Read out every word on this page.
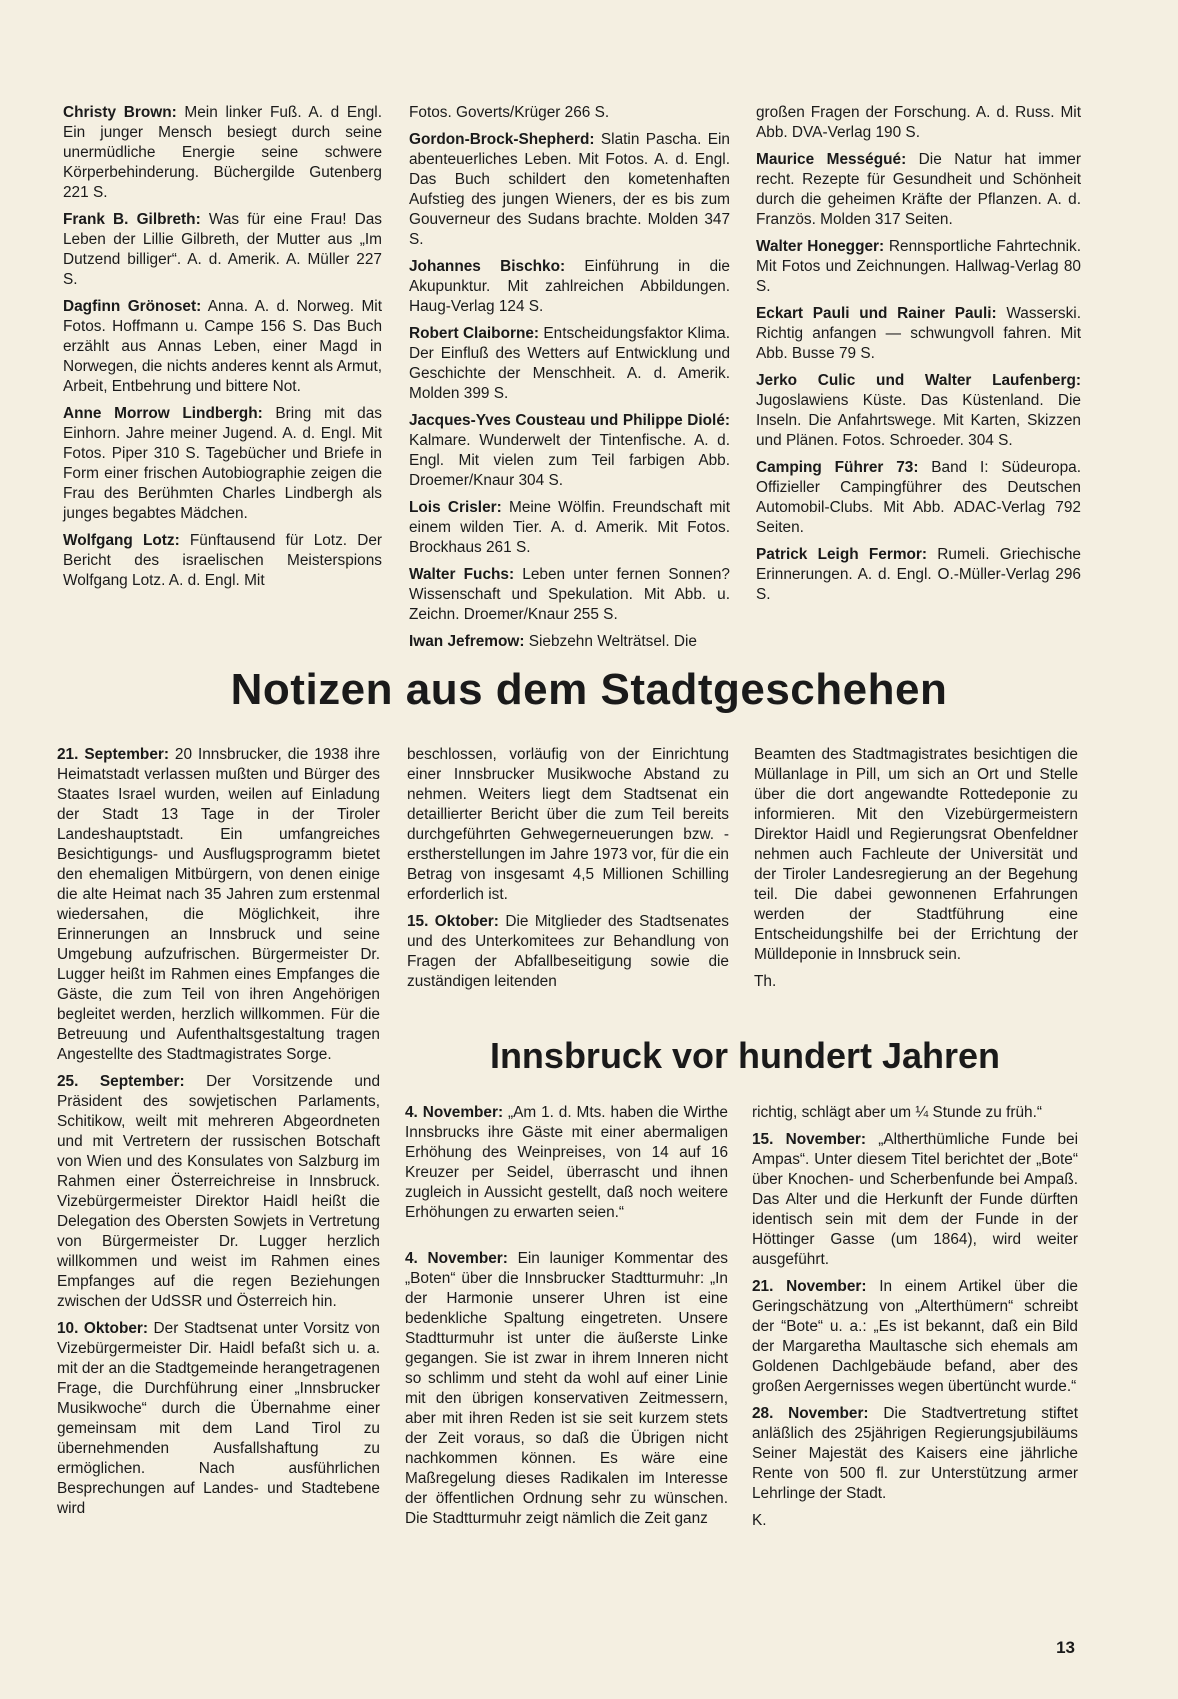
Christy Brown: Mein linker Fuß. A. d Engl. Ein junger Mensch besiegt durch seine unermüdliche Energie seine schwere Körperbehinderung. Büchergilde Gutenberg 221 S.

Frank B. Gilbreth: Was für eine Frau! Das Leben der Lillie Gilbreth, der Mutter aus „Im Dutzend billiger“. A. d. Amerik. A. Müller 227 S.

Dagfinn Grönoset: Anna. A. d. Norweg. Mit Fotos. Hoffmann u. Campe 156 S. Das Buch erzählt aus Annas Leben, einer Magd in Norwegen, die nichts anderes kennt als Armut, Arbeit, Entbehrung und bittere Not.

Anne Morrow Lindbergh: Bring mit das Einhorn. Jahre meiner Jugend. A. d. Engl. Mit Fotos. Piper 310 S. Tagebücher und Briefe in Form einer frischen Autobiographie zeigen die Frau des Berühmten Charles Lindbergh als junges begabtes Mädchen.

Wolfgang Lotz: Fünftausend für Lotz. Der Bericht des israelischen Meisterspions Wolfgang Lotz. A. d. Engl. Mit

Fotos. Goverts/Krüger 266 S.

Gordon-Brock-Shepherd: Slatin Pascha. Ein abenteuerliches Leben. Mit Fotos. A. d. Engl. Das Buch schildert den kometenhaften Aufstieg des jungen Wieners, der es bis zum Gouverneur des Sudans brachte. Molden 347 S.

Johannes Bischko: Einführung in die Akupunktur. Mit zahlreichen Abbildungen. Haug-Verlag 124 S.

Robert Claiborne: Entscheidungsfaktor Klima. Der Einfluß des Wetters auf Entwicklung und Geschichte der Menschheit. A. d. Amerik. Molden 399 S.

Jacques-Yves Cousteau und Philippe Diolé: Kalmare. Wunderwelt der Tintenfische. A. d. Engl. Mit vielen zum Teil farbigen Abb. Droemer/Knaur 304 S.

Lois Crisler: Meine Wölfin. Freundschaft mit einem wilden Tier. A. d. Amerik. Mit Fotos. Brockhaus 261 S.

Walter Fuchs: Leben unter fernen Sonnen? Wissenschaft und Spekulation. Mit Abb. u. Zeichn. Droemer/Knaur 255 S.

Iwan Jefremow: Siebzehn Welträtsel. Die

großen Fragen der Forschung. A. d. Russ. Mit Abb. DVA-Verlag 190 S.

Maurice Mességué: Die Natur hat immer recht. Rezepte für Gesundheit und Schönheit durch die geheimen Kräfte der Pflanzen. A. d. Französ. Molden 317 Seiten.

Walter Honegger: Rennsportliche Fahrtechnik. Mit Fotos und Zeichnungen. Hallwag-Verlag 80 S.

Eckart Pauli und Rainer Pauli: Wasserski. Richtig anfangen — schwungvoll fahren. Mit Abb. Busse 79 S.

Jerko Culic und Walter Laufenberg: Jugoslawiens Küste. Das Küstenland. Die Inseln. Die Anfahrtswege. Mit Karten, Skizzen und Plänen. Fotos. Schroeder. 304 S.

Camping Führer 73: Band I: Südeuropa. Offizieller Campingführer des Deutschen Automobil-Clubs. Mit Abb. ADAC-Verlag 792 Seiten.

Patrick Leigh Fermor: Rumeli. Griechische Erinnerungen. A. d. Engl. O.-Müller-Verlag 296 S.

Notizen aus dem Stadtgeschehen

21. September: 20 Innsbrucker, die 1938 ihre Heimatstadt verlassen mußten und Bürger des Staates Israel wurden, weilen auf Einladung der Stadt 13 Tage in der Tiroler Landeshauptstadt. Ein umfangreiches Besichtigungs- und Ausflugsprogramm bietet den ehemaligen Mitbürgern, von denen einige die alte Heimat nach 35 Jahren zum erstenmal wiedersahen, die Möglichkeit, ihre Erinnerungen an Innsbruck und seine Umgebung aufzufrischen. Bürgermeister Dr. Lugger heißt im Rahmen eines Empfanges die Gäste, die zum Teil von ihren Angehörigen begleitet werden, herzlich willkommen. Für die Betreuung und Aufenthaltsgestaltung tragen Angestellte des Stadtmagistrates Sorge.

25. September: Der Vorsitzende und Präsident des sowjetischen Parlaments, Schitikow, weilt mit mehreren Abgeordneten und mit Vertretern der russischen Botschaft von Wien und des Konsulates von Salzburg im Rahmen einer Österreichreise in Innsbruck. Vizebürgermeister Direktor Haidl heißt die Delegation des Obersten Sowjets in Vertretung von Bürgermeister Dr. Lugger herzlich willkommen und weist im Rahmen eines Empfanges auf die regen Beziehungen zwischen der UdSSR und Österreich hin.

10. Oktober: Der Stadtsenat unter Vorsitz von Vizebürgermeister Dir. Haidl befaßt sich u. a. mit der an die Stadtgemeinde herangetragenen Frage, die Durchführung einer „Innsbrucker Musikwoche“ durch die Übernahme einer gemeinsam mit dem Land Tirol zu übernehmenden Ausfallshaftung zu ermöglichen. Nach ausführlichen Besprechungen auf Landes- und Stadtebene wird

beschlossen, vorläufig von der Einrichtung einer Innsbrucker Musikwoche Abstand zu nehmen. Weiters liegt dem Stadtsenat ein detaillierter Bericht über die zum Teil bereits durchgeführten Gehwegerneuerungen bzw. -erstherstellungen im Jahre 1973 vor, für die ein Betrag von insgesamt 4,5 Millionen Schilling erforderlich ist.

15. Oktober: Die Mitglieder des Stadtsenates und des Unterkomitees zur Behandlung von Fragen der Abfallbeseitigung sowie die zuständigen leitenden

Beamten des Stadtmagistrates besichtigen die Müllanlage in Pill, um sich an Ort und Stelle über die dort angewandte Rottedeponie zu informieren. Mit den Vizebürgermeistern Direktor Haidl und Regierungsrat Obenfeldner nehmen auch Fachleute der Universität und der Tiroler Landesregierung an der Begehung teil. Die dabei gewonnenen Erfahrungen werden der Stadtführung eine Entscheidungshilfe bei der Errichtung der Mülldeponie in Innsbruck sein.

Th.

Innsbruck vor hundert Jahren

4. November: „Am 1. d. Mts. haben die Wirthe Innsbrucks ihre Gäste mit einer abermaligen Erhöhung des Weinpreises, von 14 auf 16 Kreuzer per Seidel, überrascht und ihnen zugleich in Aussicht gestellt, daß noch weitere Erhöhungen zu erwarten seien.“

4. November: Ein launiger Kommentar des „Boten“ über die Innsbrucker Stadtturmuhr: „In der Harmonie unserer Uhren ist eine bedenkliche Spaltung eingetreten. Unsere Stadtturmuhr ist unter die äußerste Linke gegangen. Sie ist zwar in ihrem Inneren nicht so schlimm und steht da wohl auf einer Linie mit den übrigen konservativen Zeitmessern, aber mit ihren Reden ist sie seit kurzem stets der Zeit voraus, so daß die Übrigen nicht nachkommen können. Es wäre eine Maßregelung dieses Radikalen im Interesse der öffentlichen Ordnung sehr zu wünschen. Die Stadtturmuhr zeigt nämlich die Zeit ganz

richtig, schlägt aber um ¼ Stunde zu früh.“

15. November: „Altherthümliche Funde bei Ampas“. Unter diesem Titel berichtet der „Bote“ über Knochen- und Scherbenfunde bei Ampaß. Das Alter und die Herkunft der Funde dürften identisch sein mit dem der Funde in der Höttinger Gasse (um 1864), wird weiter ausgeführt.

21. November: In einem Artikel über die Geringschätzung von „Alterthümern“ schreibt der “Bote“ u. a.: „Es ist bekannt, daß ein Bild der Margaretha Maultasche sich ehemals am Goldenen Dachlgebäude befand, aber des großen Aergernisses wegen übertüncht wurde.“

28. November: Die Stadtvertretung stiftet anläßlich des 25jährigen Regierungsjubiläums Seiner Majestät des Kaisers eine jährliche Rente von 500 fl. zur Unterstützung armer Lehrlinge der Stadt.

K.

13
